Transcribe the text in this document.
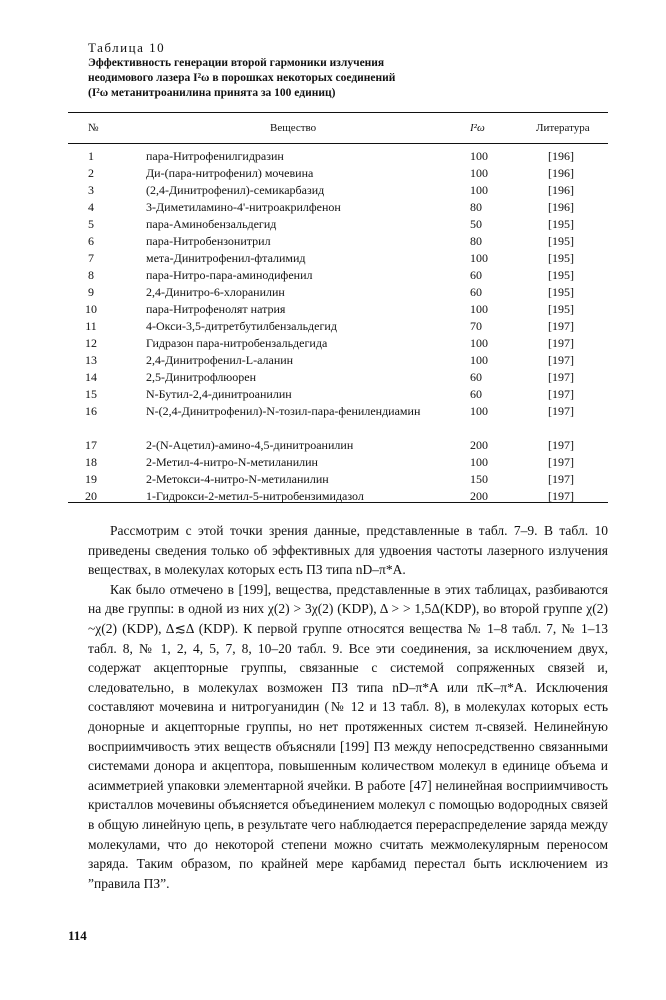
Таблица 10
Эффективность генерации второй гармоники излучения
неодимового лазера I²ω в порошках некоторых соединений
(I²ω метанитроанилина принята за 100 единиц)
№	Вещество	I²ω	Литература
1	пара-Нитрофенилгидразин	100	[196]
2	Ди-(пара-нитрофенил) мочевина	100	[196]
3	(2,4-Динитрофенил)-семикарбазид	100	[196]
4	3-Диметиламино-4'-нитроакрилфенон	80	[196]
5	пара-Аминобензальдегид	50	[195]
6	пара-Нитробензонитрил	80	[195]
7	мета-Динитрофенил-фталимид	100	[195]
8	пара-Нитро-пара-аминодифенил	60	[195]
9	2,4-Динитро-6-хлоранилин	60	[195]
10	пара-Нитрофенолят натрия	100	[195]
11	4-Окси-3,5-дитретбутилбензальдегид	70	[197]
12	Гидразон пара-нитробензальдегида	100	[197]
13	2,4-Динитрофенил-L-аланин	100	[197]
14	2,5-Динитрофлюорен	60	[197]
15	N-Бутил-2,4-динитроанилин	60	[197]
16	N-(2,4-Динитрофенил)-N-тозил-пара-фенилендиамин	100	[197]
17	2-(N-Ацетил)-амино-4,5-динитроанилин	200	[197]
18	2-Метил-4-нитро-N-метиланилин	100	[197]
19	2-Метокси-4-нитро-N-метиланилин	150	[197]
20	1-Гидрокси-2-метил-5-нитробензимидазол	200	[197]

Рассмотрим с этой точки зрения данные, представленные в табл. 7–9. В табл. 10 приведены сведения только об эффективных для удвоения частоты лазерного излучения веществах, в молекулах которых есть ПЗ типа nD–π*A.

Как было отмечено в [199], вещества, представленные в этих таблицах, разбиваются на две группы: в одной из них χ(2) > 3χ(2) (KDP), Δ > > 1,5Δ(KDP), во второй группе χ(2) ~χ(2) (KDP), Δ≲Δ (KDP). К первой группе относятся вещества № 1–8 табл. 7, № 1–13 табл. 8, № 1, 2, 4, 5, 7, 8, 10–20 табл. 9. Все эти соединения, за исключением двух, содержат акцепторные группы, связанные с системой сопряженных связей и, следовательно, в молекулах возможен ПЗ типа nD–π*A или πK–π*A. Исключения составляют мочевина и нитрогуанидин (№ 12 и 13 табл. 8), в молекулах которых есть донорные и акцепторные группы, но нет протяженных систем π-связей. Нелинейную восприимчивость этих веществ объясняли [199] ПЗ между непосредственно связанными системами донора и акцептора, повышенным количеством молекул в единице объема и асимметрией упаковки элементарной ячейки. В работе [47] нелинейная восприимчивость кристаллов мочевины объясняется объединением молекул с помощью водородных связей в общую линейную цепь, в результате чего наблюдается перераспределение заряда между молекулами, что до некоторой степени можно считать межмолекулярным переносом заряда. Таким образом, по крайней мере карбамид перестал быть исключением из ”правила ПЗ”.

114
